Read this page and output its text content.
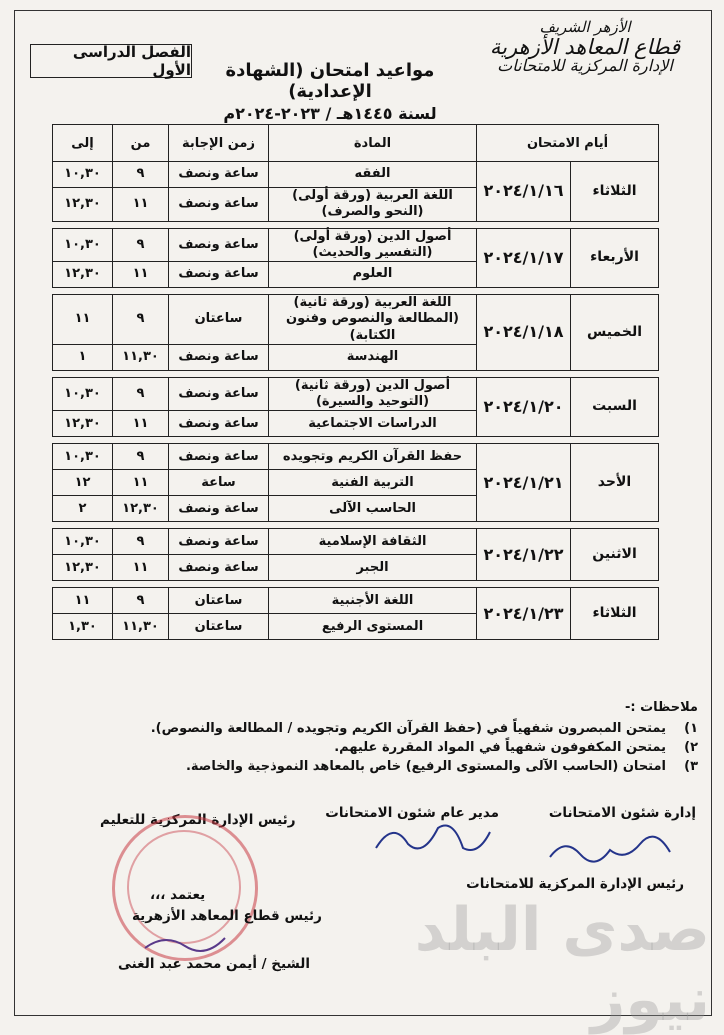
الأزهر الشريف
قطاع المعاهد الأزهرية
الإدارة المركزية للامتحانات
الفصل الدراسى الأول	مواعيد امتحان (الشهادة الإعدادية)
لسنة ١٤٤٥هـ / ٢٠٢٣-٢٠٢٤م
أيام الامتحان		المادة	زمن الإجابة	من	إلى
الثلاثاء	٢٠٢٤/١/١٦	الفقه	ساعة ونصف	٩	١٠,٣٠

		اللغة العربية (ورقة أولى)
(النحو والصرف)	ساعة ونصف	١١	١٢,٣٠

الأربعاء	٢٠٢٤/١/١٧	أصول الدين (ورقة أولى)
(التفسير والحديث)	ساعة ونصف	٩	١٠,٣٠

		العلوم	ساعة ونصف	١١	١٢,٣٠

الخميس	٢٠٢٤/١/١٨	اللغة العربية (ورقة ثانية)
(المطالعة والنصوص وفنون الكتابة)	ساعتان	٩	١١

		الهندسة	ساعة ونصف	١١,٣٠	١

السبت	٢٠٢٤/١/٢٠	أصول الدين (ورقة ثانية)
(التوحيد والسيرة)	ساعة ونصف	٩	١٠,٣٠

		الدراسات الاجتماعية	ساعة ونصف	١١	١٢,٣٠

الأحد	٢٠٢٤/١/٢١	حفظ القرآن الكريم وتجويده	ساعة ونصف	٩	١٠,٣٠

		التربية الفنية	ساعة	١١	١٢

		الحاسب الآلى	ساعة ونصف	١٢,٣٠	٢

الاثنين	٢٠٢٤/١/٢٢	الثقافة الإسلامية	ساعة ونصف	٩	١٠,٣٠

		الجبر	ساعة ونصف	١١	١٢,٣٠

الثلاثاء	٢٠٢٤/١/٢٣	اللغة الأجنبية	ساعتان	٩	١١

		المستوى الرفيع	ساعتان	١١,٣٠	١,٣٠
ملاحظات :-
١)
يمتحن المبصرون شفهياً في (حفظ القرآن الكريم وتجويده / المطالعة والنصوص).
٢)
يمتحن المكفوفون شفهياً في المواد المقررة عليهم.
٣)
امتحان (الحاسب الآلى والمستوى الرفيع) خاص بالمعاهد النموذجية والخاصة.
إدارة شئون الامتحانات
مدير عام شئون الامتحانات
رئيس الإدارة المركزية للتعليم
رئيس الإدارة المركزية للامتحانات
يعتمد ،،،
رئيس قطاع المعاهد الأزهرية
الشيخ / أيمن محمد عبد الغنى	صدى البلد نيوز
